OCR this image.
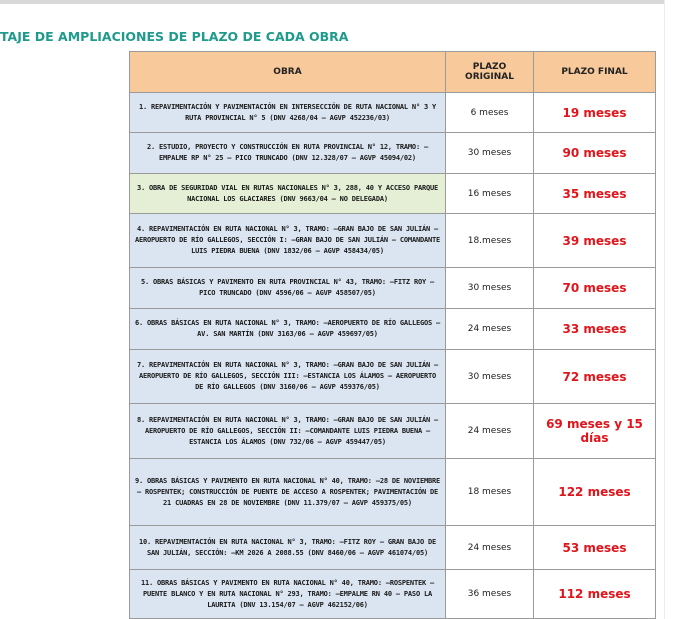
TAJE DE AMPLIACIONES DE PLAZO DE CADA OBRA
OBRA	PLAZO ORIGINAL	PLAZO FINAL
1. REPAVIMENTACIÓN Y PAVIMENTACIÓN EN INTERSECCIÓN DE RUTA NACIONAL N° 3 Y RUTA PROVINCIAL N° 5 (DNV 4268/04 – AGVP 452236/03)	6 meses	19 meses
2. ESTUDIO, PROYECTO Y CONSTRUCCIÓN EN RUTA PROVINCIAL N° 12, TRAMO: —EMPALME RP N° 25 — PICO TRUNCADO (DNV 12.328/07 – AGVP 45094/02)	30 meses	90 meses
3. OBRA DE SEGURIDAD VIAL EN RUTAS NACIONALES N° 3, 288, 40 Y ACCESO PARQUE NACIONAL LOS GLACIARES (DNV 9663/04 – NO DELEGADA)	16 meses	35 meses
4. REPAVIMENTACIÓN EN RUTA NACIONAL N° 3, TRAMO: —GRAN BAJO DE SAN JULIÁN — AEROPUERTO DE RÍO GALLEGOS, SECCIÓN I: —GRAN BAJO DE SAN JULIÁN — COMANDANTE LUIS PIEDRA BUENA (DNV 1832/06 – AGVP 458434/05)	18.meses	39 meses
5. OBRAS BÁSICAS Y PAVIMENTO EN RUTA PROVINCIAL N° 43, TRAMO: —FITZ ROY — PICO TRUNCADO (DNV 4596/06 – AGVP 458507/05)	30 meses	70 meses
6. OBRAS BÁSICAS EN RUTA NACIONAL N° 3, TRAMO: —AEROPUERTO DE RÍO GALLEGOS — AV. SAN MARTÍN (DNV 3163/06 – AGVP 459697/05)	24 meses	33 meses
7. REPAVIMENTACIÓN EN RUTA NACIONAL N° 3, TRAMO: —GRAN BAJO DE SAN JULIÁN — AEROPUERTO DE RÍO GALLEGOS, SECCIÓN III: —ESTANCIA LOS ÁLAMOS — AEROPUERTO DE RÍO GALLEGOS (DNV 3160/06 – AGVP 459376/05)	30 meses	72 meses
8. REPAVIMENTACIÓN EN RUTA NACIONAL N° 3, TRAMO: —GRAN BAJO DE SAN JULIÁN — AEROPUERTO DE RÍO GALLEGOS, SECCIÓN II: —COMANDANTE LUIS PIEDRA BUENA — ESTANCIA LOS ÁLAMOS (DNV 732/06 – AGVP 459447/05)	24 meses	69 meses y 15 días
9. OBRAS BÁSICAS Y PAVIMENTO EN RUTA NACIONAL N° 40, TRAMO: —28 DE NOVIEMBRE — ROSPENTEK; CONSTRUCCIÓN DE PUENTE DE ACCESO A ROSPENTEK; PAVIMENTACIÓN DE 21 CUADRAS EN 28 DE NOVIEMBRE (DNV 11.379/07 – AGVP 459375/05)	18 meses	122 meses
10. REPAVIMENTACIÓN EN RUTA NACIONAL N° 3, TRAMO: —FITZ ROY — GRAN BAJO DE SAN JULIÁN, SECCIÓN: —KM 2026 A 2088.55 (DNV 8460/06 – AGVP 461074/05)	24 meses	53 meses
11. OBRAS BÁSICAS Y PAVIMENTO EN RUTA NACIONAL N° 40, TRAMO: —ROSPENTEK — PUENTE BLANCO Y EN RUTA NACIONAL N° 293, TRAMO: —EMPALME RN 40 — PASO LA LAURITA (DNV 13.154/07 – AGVP 462152/06)	36 meses	112 meses
